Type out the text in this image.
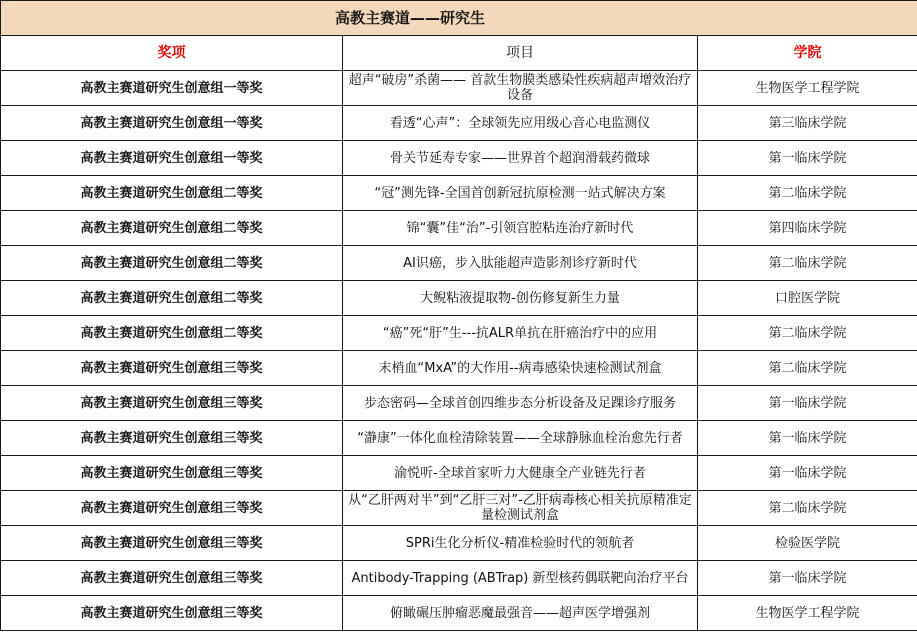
高教主赛道——研究生		
奖项	项目	学院
高教主赛道研究生创意组一等奖	超声“破房”杀菌—— 首款生物膜类感染性疾病超声增效治疗设备	生物医学工程学院
高教主赛道研究生创意组一等奖	看透“心声”：全球领先应用级心音心电监测仪	第三临床学院
高教主赛道研究生创意组一等奖	骨关节延寿专家——世界首个超润滑载药微球	第一临床学院
高教主赛道研究生创意组二等奖	“冠”测先锋-全国首创新冠抗原检测一站式解决方案	第二临床学院
高教主赛道研究生创意组二等奖	锦“囊”佳“治”-引领宫腔粘连治疗新时代	第四临床学院
高教主赛道研究生创意组二等奖	AI识癌，步入肽能超声造影剂诊疗新时代	第二临床学院
高教主赛道研究生创意组二等奖	大鲵粘液提取物-创伤修复新生力量	口腔医学院
高教主赛道研究生创意组二等奖	“癌”死“肝”生---抗ALR单抗在肝癌治疗中的应用	第二临床学院
高教主赛道研究生创意组三等奖	末梢血“MxA”的大作用--病毒感染快速检测试剂盒	第二临床学院
高教主赛道研究生创意组三等奖	步态密码—全球首创四维步态分析设备及足踝诊疗服务	第一临床学院
高教主赛道研究生创意组三等奖	“瀞康”一体化血栓清除装置——全球静脉血栓治愈先行者	第一临床学院
高教主赛道研究生创意组三等奖	渝悦听-全球首家听力大健康全产业链先行者	第一临床学院
高教主赛道研究生创意组三等奖	从“乙肝两对半”到“乙肝三对”-乙肝病毒核心相关抗原精准定量检测试剂盒	第二临床学院
高教主赛道研究生创意组三等奖	SPRi生化分析仪-精准检验时代的领航者	检验医学院
高教主赛道研究生创意组三等奖	Antibody-Trapping (ABTrap) 新型核药偶联靶向治疗平台	第一临床学院
高教主赛道研究生创意组三等奖	俯瞰碾压肿瘤恶魔最强音——超声医学增强剂	生物医学工程学院
